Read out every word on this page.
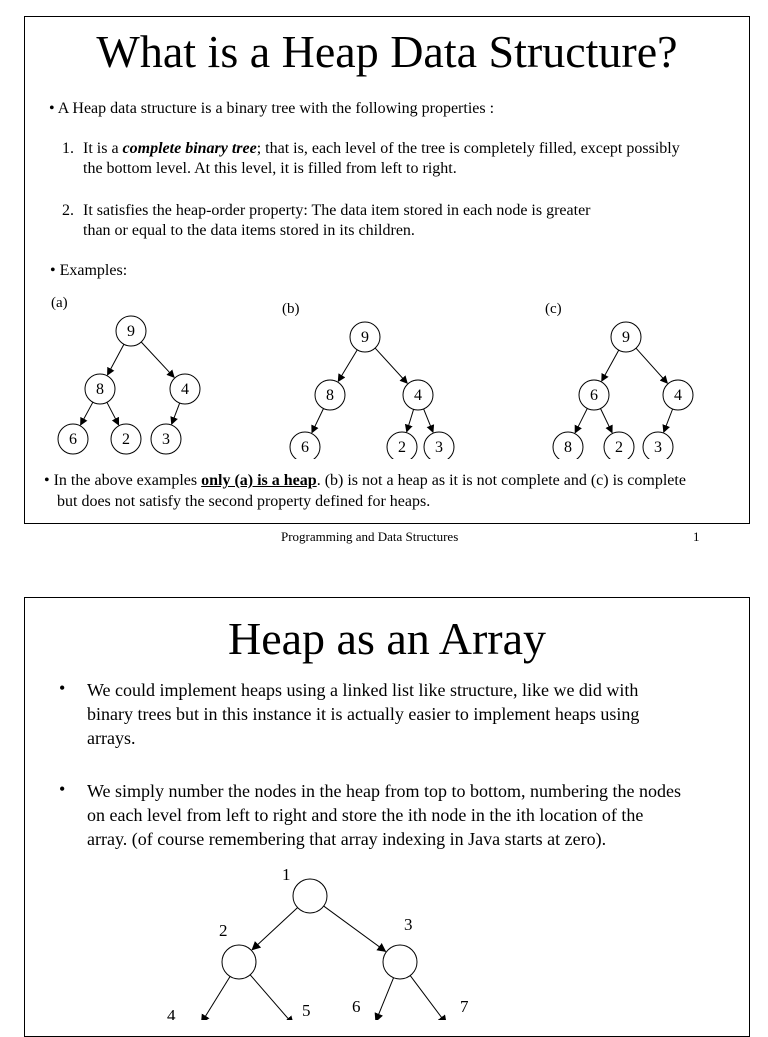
What is a Heap Data Structure?
• A Heap data structure is a binary tree with the following properties :
1. It is a complete binary tree; that is, each level of the tree is completely filled, except possibly
the bottom level. At this level, it is filled from left to right.
2. It satisfies the heap-order property: The data item stored in each node is greater
than or equal to the data items stored in its children.
• Examples:
(a)
9
8	4
6	2 3
(b)
9
8	4
6	2 3
(c)
9
6	4
8	2 3
• In the above examples only (a) is a heap. (b) is not a heap as it is not complete and (c) is complete
but does not satisfy the second property defined for heaps.
Programming and Data Structures	1
Heap as an Array
• We could implement heaps using a linked list like structure, like we did with
binary trees but in this instance it is actually easier to implement heaps using
arrays.
• We simply number the nodes in the heap from top to bottom, numbering the nodes
on each level from left to right and store the ith node in the ith location of the
array. (of course remembering that array indexing in Java starts at zero).
1
2	3
4	5 6	7
